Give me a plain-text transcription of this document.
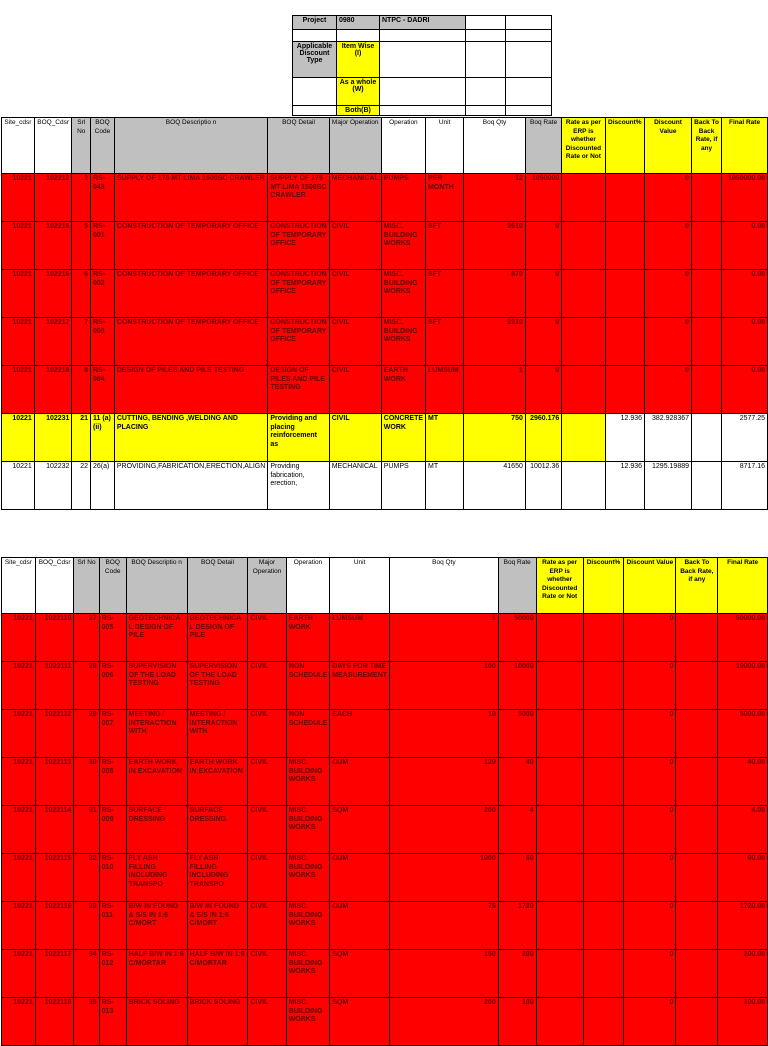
Project	0980	NTPC - DADRI		

Applicable Discount Type	Item Wise (I)			
	As a whole (W)			
	Both(B)			
Site_cdsr	BOQ_Cdsr	Srl No	BOQ Code	BOQ Descriptio n	BOQ Detail	Major Operation	Operation	Unit	Boq Qty	Boq Rate	Rate as per ERP is whether Discounted Rate or Not	Discount%	Discount Value	Back To Back Rate, if any	Final Rate
10221	102212	2	RS-043	SUPPLY OF 175 MT LIMA 1500SC CRAWLER	SUPPLY OF 175 MT LIMA 1500SC CRAWLER	MECHANICAL	PUMPS	PER MONTH	12	1050000			0		1050000.00
10221	102215	5	RS-001	CONSTRUCTION OF TEMPORARY OFFICE	CONSTRUCTION OF TEMPORARY OFFICE	CIVIL	MISC. BUILDING WORKS	SFT	2610	0			0		0.00
10221	102216	6	RS-002	CONSTRUCTION OF TEMPORARY OFFICE	CONSTRUCTION OF TEMPORARY OFFICE	CIVIL	MISC. BUILDING WORKS	SFT	870	0			0		0.00
10221	102217	7	RS-003	CONSTRUCTION OF TEMPORARY OFFICE	CONSTRUCTION OF TEMPORARY OFFICE	CIVIL	MISC. BUILDING WORKS	SFT	2310	0			0		0.00
10221	102218	8	RS-004	DESIGN OF PILES AND PILE TESTING	DESIGN OF PILES AND PILE TESTING	CIVIL	EARTH WORK	LUMSUM	1	0			0		0.00
10221	102231	21	11 (a) (ii)	CUTTING, BENDING ,WELDING AND PLACING	Providing and placing reinforcement as	CIVIL	CONCRETE WORK	MT	750	2960.176		12.936	382.928367		2577.25
10221	102232	22	26(a)	PROVIDING,FABRICATION,ERECTION,ALIGN	Providing fabrication, erection,	MECHANICAL	PUMPS	MT	41650	10012.36		12.936	1295.19889		8717.16
Site_cdsr	BOQ_Cdsr	Srl No	BOQ Code	BOQ Descriptio n	BOQ Detail	Major Operation	Operation	Unit	Boq Qty	Boq Rate	Rate as per ERP is whether Discounted Rate or Not	Discount%	Discount Value	Back To Back Rate, if any	Final Rate
10221	1022110	27	RS-005	GEOTECHNICAL DESIGN OF PILE	GEOTECHNICAL DESIGN OF PILE	CIVIL	EARTH WORK	LUMSUM	1	50000			0		50000.00
10221	1022111	28	RS-006	SUPERVISION OF THE LOAD TESTING	SUPERVISION OF THE LOAD TESTING	CIVIL	NON SCHEDULE	DAYS FOR TIME MEASUREMENT	100	10000			0		10000.00
10221	1022112	29	RS-007	MEETING / INTERACTION WITH	MEETING / INTERACTION WITH	CIVIL	NON SCHEDULE	EACH	10	5000			0		5000.00
10221	1022113	30	RS-008	EARTH WORK IN EXCAVATION	EARTH WORK IN EXCAVATION	CIVIL	MISC. BUILDING WORKS	CUM	120	40			0		40.00
10221	1022114	31	RS-009	SURFACE DRESSING	SURFACE DRESSING	CIVIL	MISC. BUILDING WORKS	SQM	200	4			0		4.00
10221	1022115	32	RS-010	FLY ASH FILLING INCLUDING TRANSPO	FLY ASH FILLING INCLUDING TRANSPO	CIVIL	MISC. BUILDING WORKS	CUM	1000	60			0		60.00
10221	1022116	33	RS-011	B/W IN FOUND & S/S IN 1:6 C/MORT	B/W IN FOUND & S/S IN 1:6 C/MORT	CIVIL	MISC. BUILDING WORKS	CUM	75	1720			0		1720.00
10221	1022117	34	RS-012	HALF B/W IN 1:6 C/MORTAR	HALF B/W IN 1:6 C/MORTAR	CIVIL	MISC. BUILDING WORKS	SQM	150	200			0		200.00
10221	1022118	35	RS-013	BRICK SOLING	BRICK SOLING	CIVIL	MISC. BUILDING WORKS	SQM	200	100			0		100.00
